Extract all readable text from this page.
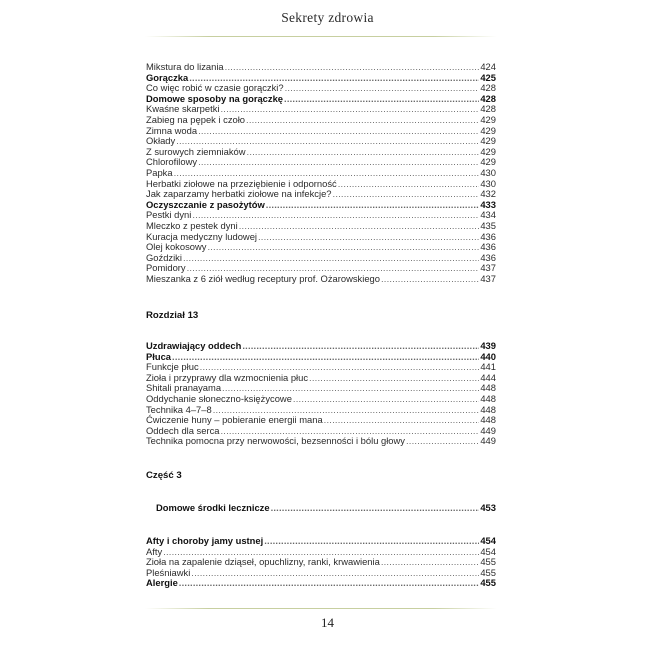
Sekrety zdrowia
Mikstura do lizania .....	424
Gorączka .....	425
Co więc robić w czasie gorączki? .....	428
Domowe sposoby na gorączkę .....	428
Kwaśne skarpetki .....	428
Zabieg na pępek i czoło .....	429
Zimna woda .....	429
Okłady .....	429
Z surowych ziemniaków .....	429
Chlorofilowy .....	429
Papka .....	430
Herbatki ziołowe na przeziębienie i odporność .....	430
Jak zaparzamy herbatki ziołowe na infekcje? .....	432
Oczyszczanie z pasożytów .....	433
Pestki dyni .....	434
Mleczko z pestek dyni .....	435
Kuracja medyczny ludowej .....	436
Olej kokosowy .....	436
Goździki .....	436
Pomidory .....	437
Mieszanka z 6 ziół według receptury prof. Ożarowskiego .....	437
Rozdział 13
Uzdrawiający oddech .....	439
Płuca .....	440
Funkcje płuc .....	441
Zioła i przyprawy dla wzmocnienia płuc .....	444
Shitali pranayama .....	448
Oddychanie słoneczno-księżycowe .....	448
Technika 4–7–8 .....	448
Ćwiczenie huny – pobieranie energii mana .....	448
Oddech dla serca .....	449
Technika pomocna przy nerwowości, bezsenności i bólu głowy .....	449
Część 3
Domowe środki lecznicze .....	453
Afty i choroby jamy ustnej .....	454
Afty .....	454
Zioła na zapalenie dziąseł, opuchlizny, ranki, krwawienia .....	455
Pleśniawki .....	455
Alergie .....	455
14
